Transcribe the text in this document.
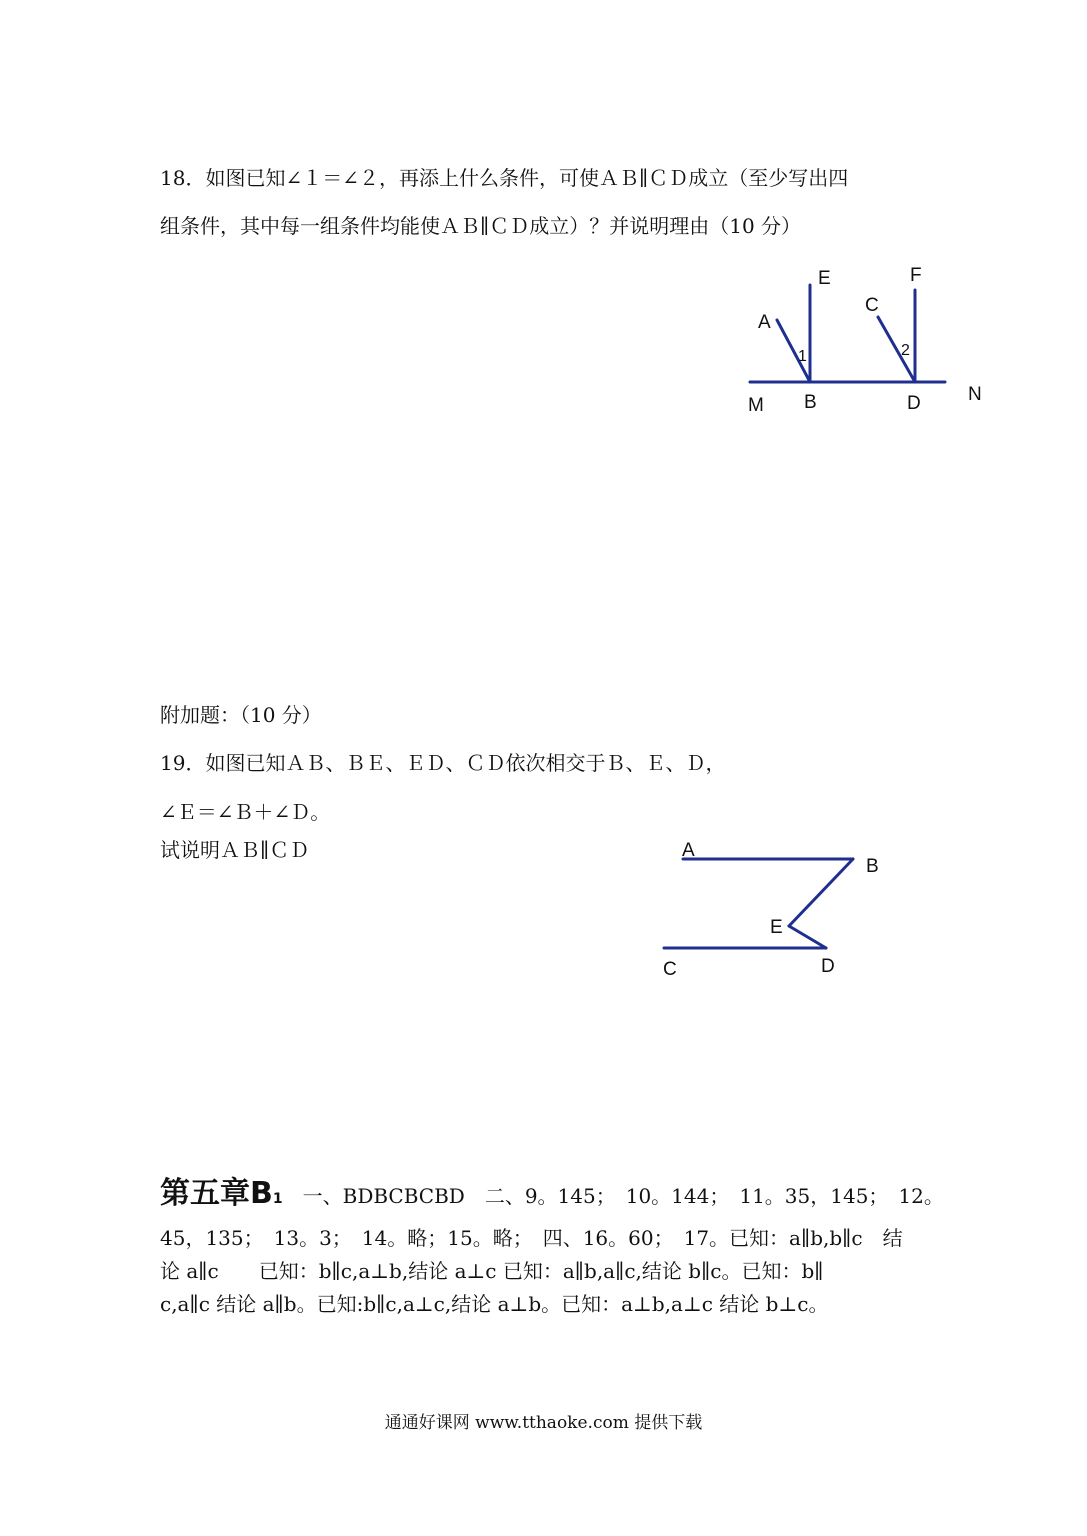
18．如图已知∠１＝∠２，再添上什么条件，可使ＡＢ∥ＣＤ成立（至少写出四
组条件，其中每一组条件均能使ＡＢ∥ＣＤ成立）？并说明理由（10 分）
E	F
A
C
1	2
M B	D N
附加题：（10 分）
19．如图已知ＡＢ、ＢＥ、ＥＤ、ＣＤ依次相交于Ｂ、Ｅ、Ｄ，
∠Ｅ＝∠Ｂ＋∠Ｄ。
试说明ＡＢ∥ＣＤ	A
B
E
C	D
第五章B1　一、BDBCBCBD　二、9。145；　10。144；　11。35，145；　12。
45，135；　13。3；　14。略；15。略；　四、16。60；　17。已知：a∥b,b∥c　结
论 a∥c　　已知：b∥c,a⊥b,结论 a⊥c 已知：a∥b,a∥c,结论 b∥c。已知：b∥
c,a∥c 结论 a∥b。已知:b∥c,a⊥c,结论 a⊥b。已知：a⊥b,a⊥c 结论 b⊥c。
通通好课网 www.tthaoke.com 提供下载
